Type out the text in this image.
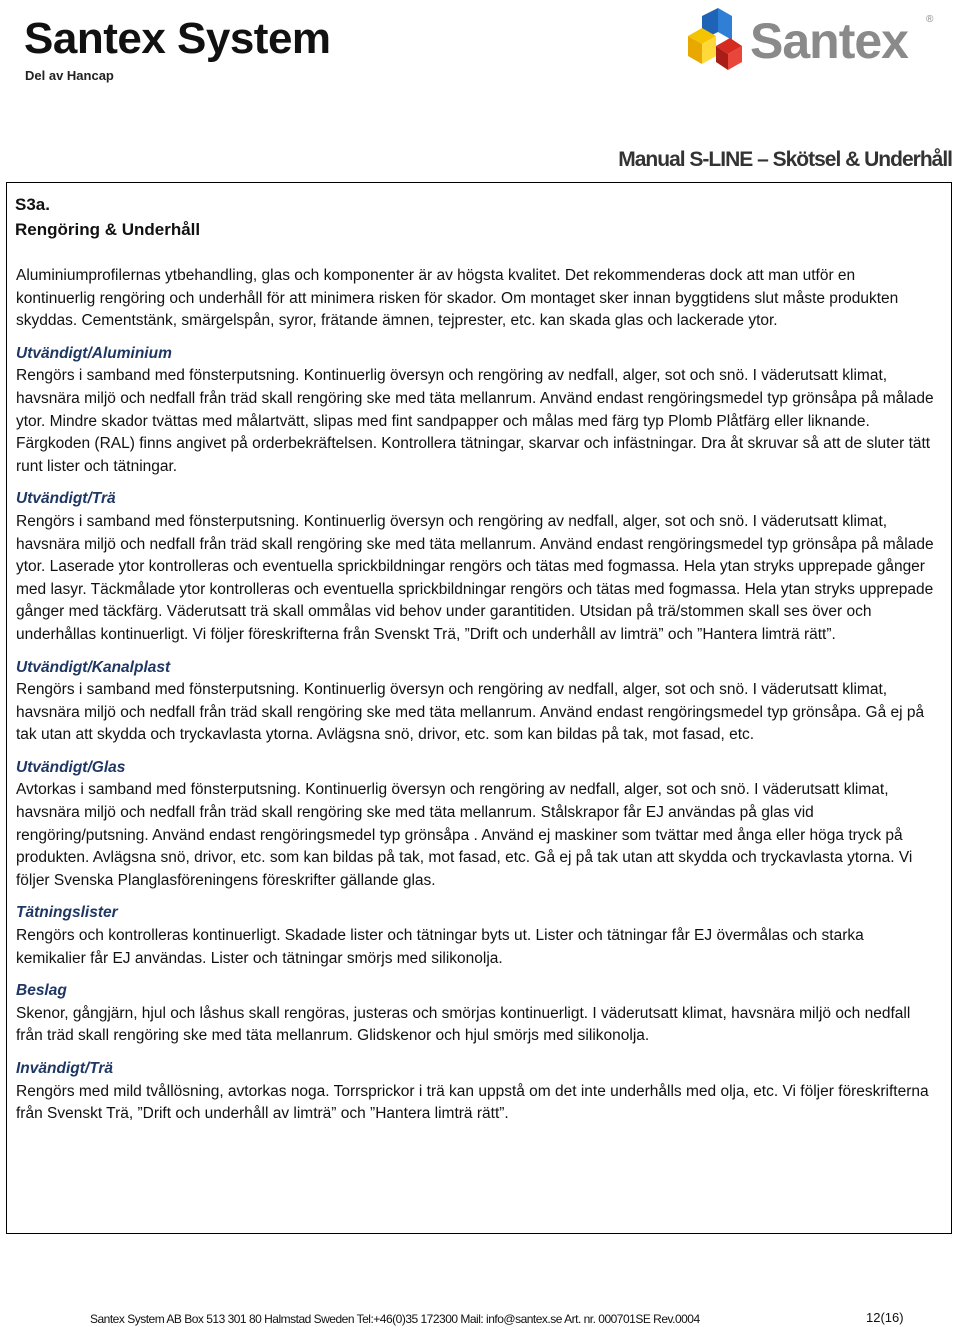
Santex System
Del av Hancap
Santex ®
Manual S-LINE – Skötsel & Underhåll
S3a.
Rengöring & Underhåll

Aluminiumprofilernas ytbehandling, glas och komponenter är av högsta kvalitet. Det rekommenderas dock att man utför en kontinuerlig rengöring och underhåll för att minimera risken för skador. Om montaget sker innan byggtidens slut måste produkten skyddas. Cementstänk, smärgelspån, syror, frätande ämnen, tejprester, etc. kan skada glas och lackerade ytor.

Utvändigt/Aluminium

Rengörs i samband med fönsterputsning. Kontinuerlig översyn och rengöring av nedfall, alger, sot och snö. I väderutsatt klimat, havsnära miljö och nedfall från träd skall rengöring ske med täta mellanrum. Använd endast rengöringsmedel typ grönsåpa på målade ytor. Mindre skador tvättas med målartvätt, slipas med fint sandpapper och målas med färg typ Plomb Plåtfärg eller liknande. Färgkoden (RAL) finns angivet på orderbekräftelsen. Kontrollera tätningar, skarvar och infästningar. Dra åt skruvar så att de sluter tätt runt lister och tätningar.

Utvändigt/Trä

Rengörs i samband med fönsterputsning. Kontinuerlig översyn och rengöring av nedfall, alger, sot och snö. I väderutsatt klimat, havsnära miljö och nedfall från träd skall rengöring ske med täta mellanrum. Använd endast rengöringsmedel typ grönsåpa på målade ytor. Laserade ytor kontrolleras och eventuella sprickbildningar rengörs och tätas med fogmassa. Hela ytan stryks upprepade gånger med lasyr. Täckmålade ytor kontrolleras och eventuella sprickbildningar rengörs och tätas med fogmassa. Hela ytan stryks upprepade gånger med täckfärg. Väderutsatt trä skall ommålas vid behov under garantitiden. Utsidan på trä/stommen skall ses över och underhållas kontinuerligt. Vi följer föreskrifterna från Svenskt Trä, ”Drift och underhåll av limträ” och ”Hantera limträ rätt”.

Utvändigt/Kanalplast

Rengörs i samband med fönsterputsning. Kontinuerlig översyn och rengöring av nedfall, alger, sot och snö. I väderutsatt klimat, havsnära miljö och nedfall från träd skall rengöring ske med täta mellanrum. Använd endast rengöringsmedel typ grönsåpa. Gå ej på tak utan att skydda och tryckavlasta ytorna. Avlägsna snö, drivor, etc. som kan bildas på tak, mot fasad, etc.

Utvändigt/Glas

Avtorkas i samband med fönsterputsning. Kontinuerlig översyn och rengöring av nedfall, alger, sot och snö. I väderutsatt klimat, havsnära miljö och nedfall från träd skall rengöring ske med täta mellanrum. Stålskrapor får EJ användas på glas vid rengöring/putsning. Använd endast rengöringsmedel typ grönsåpa . Använd ej maskiner som tvättar med ånga eller höga tryck på produkten. Avlägsna snö, drivor, etc. som kan bildas på tak, mot fasad, etc. Gå ej på tak utan att skydda och tryckavlasta ytorna. Vi följer Svenska Planglasföreningens föreskrifter gällande glas.

Tätningslister

Rengörs och kontrolleras kontinuerligt. Skadade lister och tätningar byts ut. Lister och tätningar får EJ övermålas och starka kemikalier får EJ användas. Lister och tätningar smörjs med silikonolja.

Beslag

Skenor, gångjärn, hjul och låshus skall rengöras, justeras och smörjas kontinuerligt. I väderutsatt klimat, havsnära miljö och nedfall från träd skall rengöring ske med täta mellanrum. Glidskenor och hjul smörjs med silikonolja.

Invändigt/Trä

Rengörs med mild tvållösning, avtorkas noga. Torrsprickor i trä kan uppstå om det inte underhålls med olja, etc. Vi följer föreskrifterna från Svenskt Trä, ”Drift och underhåll av limträ” och ”Hantera limträ rätt”.

Santex System AB Box 513 301 80 Halmstad Sweden Tel:+46(0)35 172300 Mail: info@santex.se Art. nr. 000701SE Rev.0004	12(16)
